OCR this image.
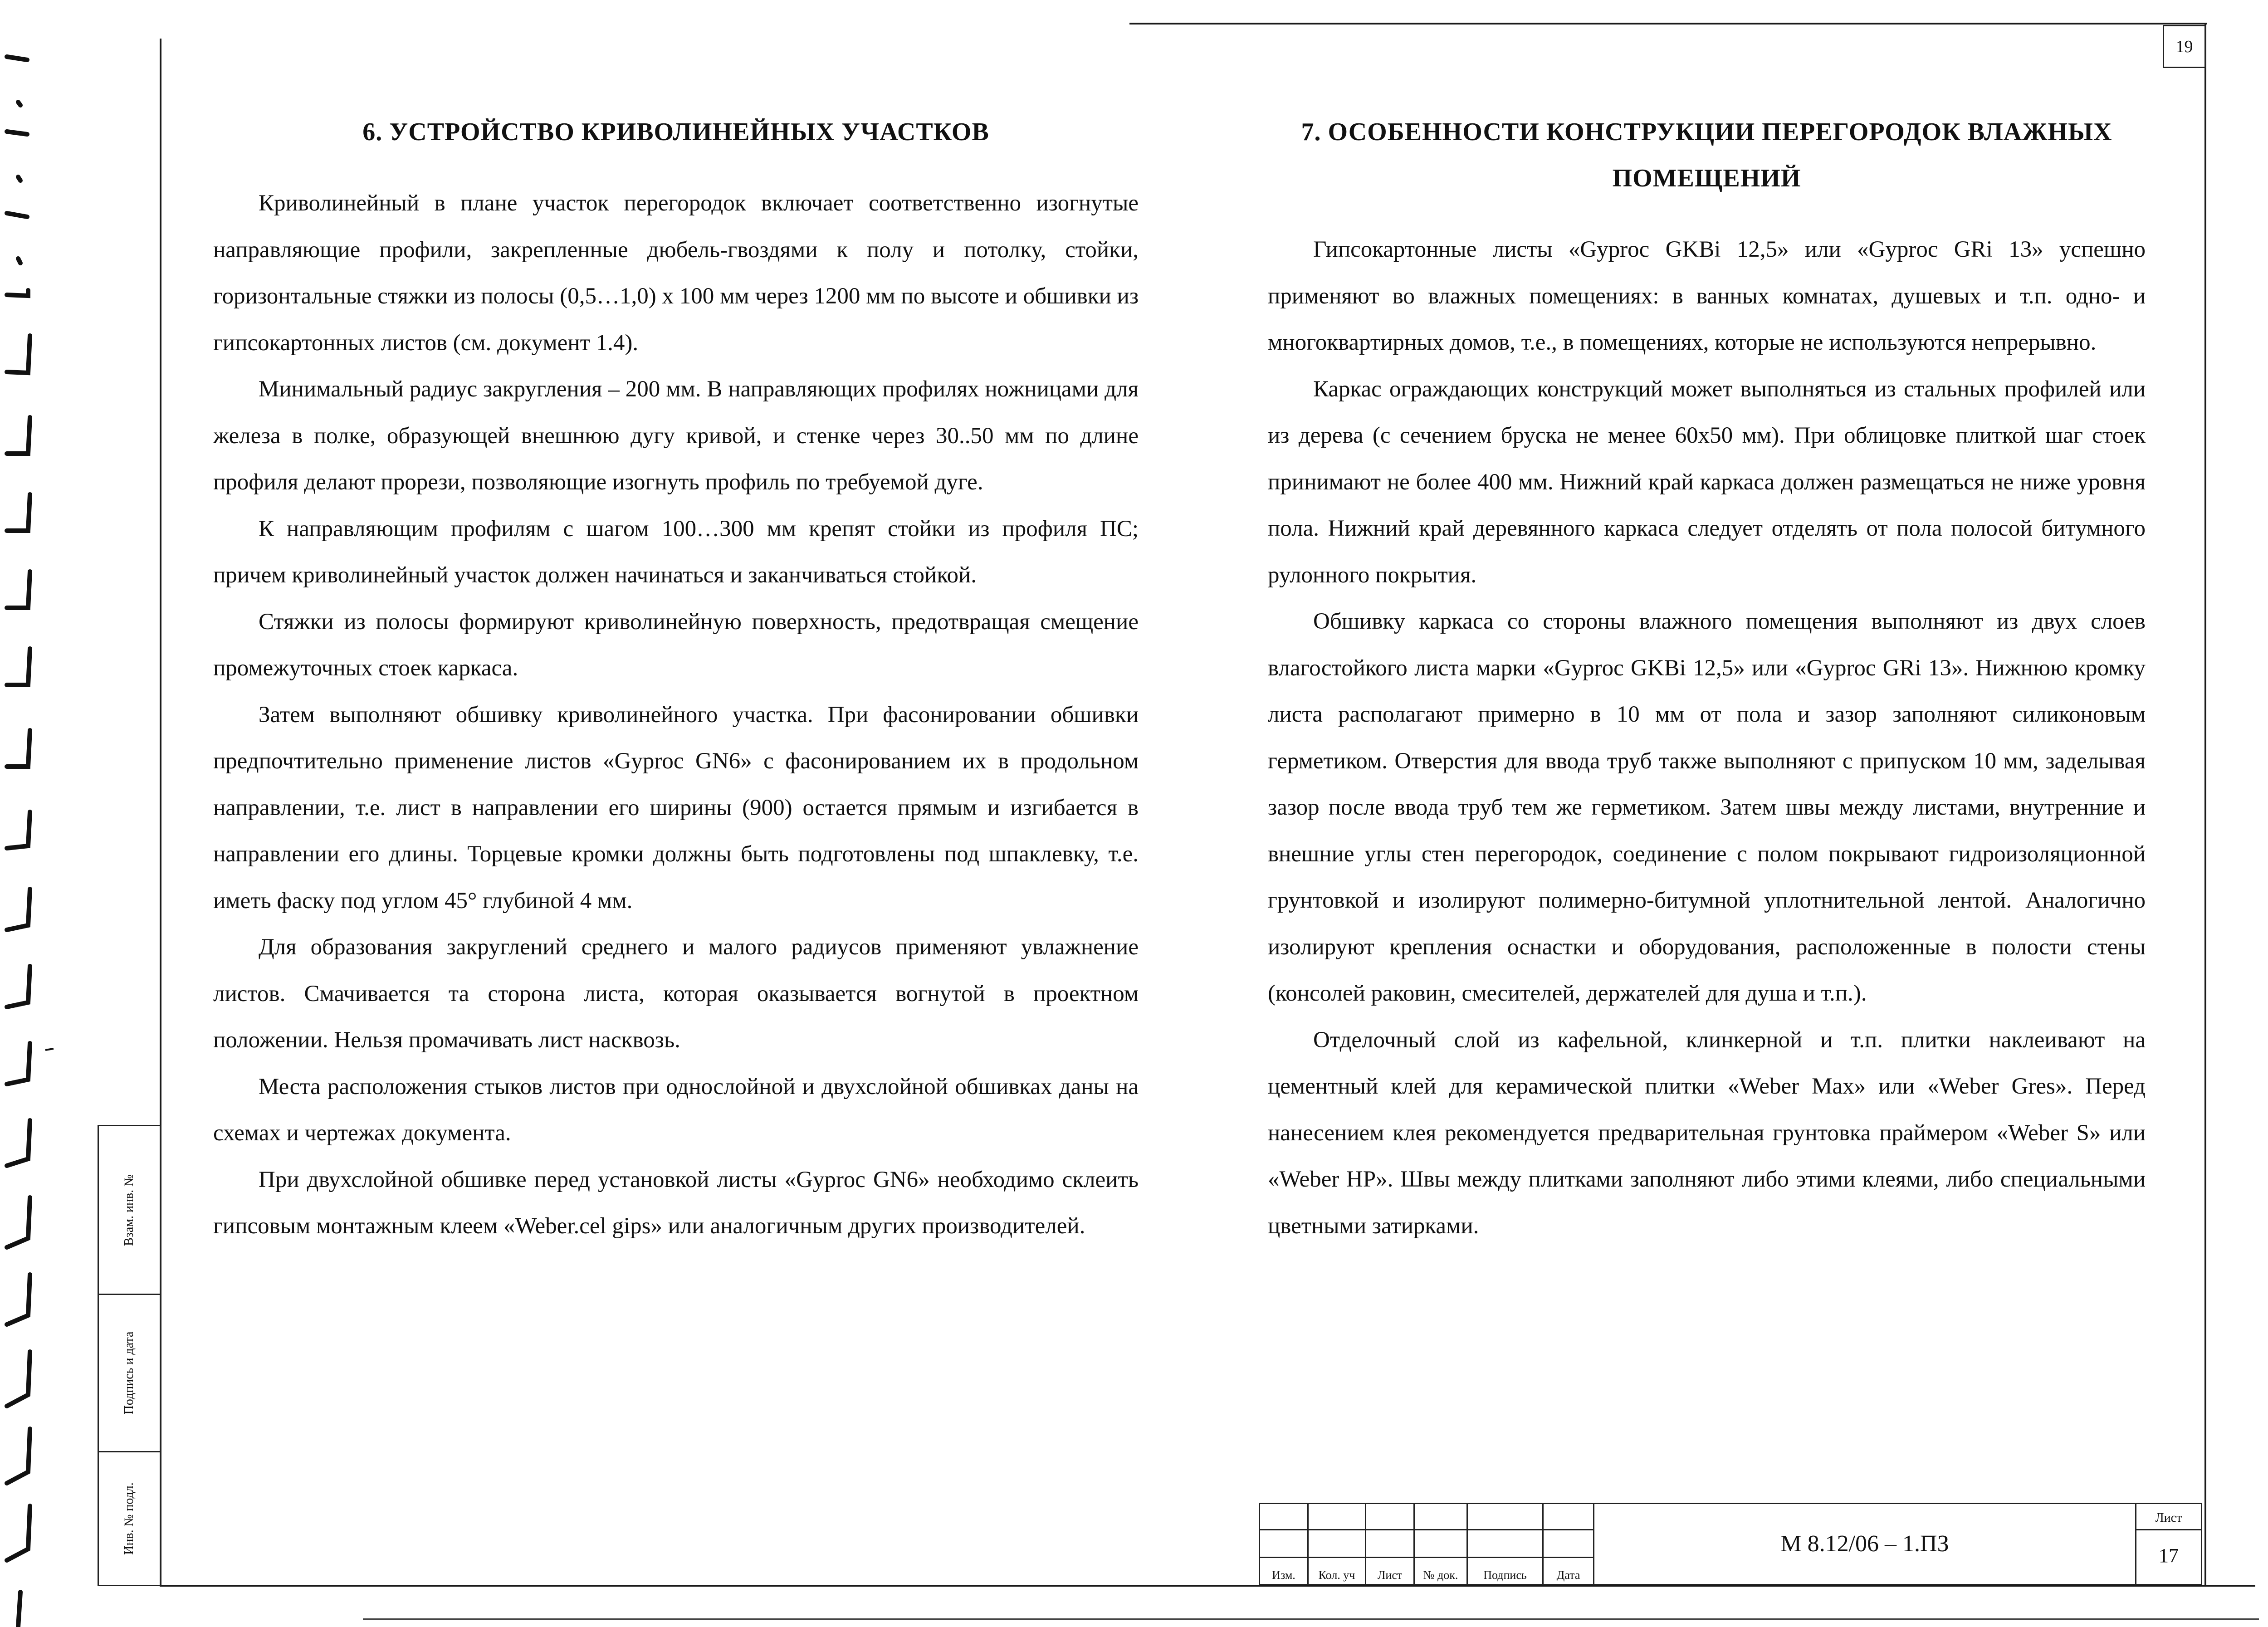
19
Взам. инв. №
Подпись и дата
Инв. № подл.
6. УСТРОЙСТВО КРИВОЛИНЕЙНЫХ УЧАСТКОВ

Криволинейный в плане участок перегородок включает соответственно изогнутые направляющие профили, закрепленные дюбель-гвоздями к полу и потолку, стойки, горизонтальные стяжки из полосы (0,5…1,0) x 100 мм через 1200 мм по высоте и обшивки из гипсокартонных листов (см. документ 1.4).

Минимальный радиус закругления – 200 мм. В направляющих профилях ножницами для железа в полке, образующей внешнюю дугу кривой, и стенке через 30..50 мм по длине профиля делают прорези, позволяющие изогнуть профиль по требуемой дуге.

К направляющим профилям с шагом 100…300 мм крепят стойки из профиля ПС; причем криволинейный участок должен начинаться и заканчиваться стойкой.

Стяжки из полосы формируют криволинейную поверхность, предотвращая смещение промежуточных стоек каркаса.

Затем выполняют обшивку криволинейного участка. При фасонировании обшивки предпочтительно применение листов «Gyproc GN6» с фасонированием их в продольном направлении, т.е. лист в направлении его ширины (900) остается прямым и изгибается в направлении его длины. Торцевые кромки должны быть подготовлены под шпаклевку, т.е. иметь фаску под углом 45° глубиной 4 мм.

Для образования закруглений среднего и малого радиусов применяют увлажнение листов. Смачивается та сторона листа, которая оказывается вогнутой в проектном положении. Нельзя промачивать лист насквозь.

Места расположения стыков листов при однослойной и двухслойной обшивках даны на схемах и чертежах документа.

При двухслойной обшивке перед установкой листы «Gyproc GN6» необходимо склеить гипсовым монтажным клеем «Weber.cel gips» или аналогичным других производителей.

7. ОСОБЕННОСТИ КОНСТРУКЦИИ ПЕРЕГОРОДОК ВЛАЖНЫХ
ПОМЕЩЕНИЙ

Гипсокартонные листы «Gyproc GKBi 12,5» или «Gyproc GRi 13» успешно применяют во влажных помещениях: в ванных комнатах, душевых и т.п. одно- и многоквартирных домов, т.е., в помещениях, которые не используются непрерывно.

Каркас ограждающих конструкций может выполняться из стальных профилей или из дерева (с сечением бруска не менее 60х50 мм). При облицовке плиткой шаг стоек принимают не более 400 мм. Нижний край каркаса должен размещаться не ниже уровня пола. Нижний край деревянного каркаса следует отделять от пола полосой битумного рулонного покрытия.

Обшивку каркаса со стороны влажного помещения выполняют из двух слоев влагостойкого листа марки «Gyproc GKBi 12,5» или «Gyproc GRi 13». Нижнюю кромку листа располагают примерно в 10 мм от пола и зазор заполняют силиконовым герметиком. Отверстия для ввода труб также выполняют с припуском 10 мм, заделывая зазор после ввода труб тем же герметиком. Затем швы между листами, внутренние и внешние углы стен перегородок, соединение с полом покрывают гидроизоляционной грунтовкой и изолируют полимерно-битумной уплотнительной лентой. Аналогично изолируют крепления оснастки и оборудования, расположенные в полости стены (консолей раковин, смесителей, держателей для душа и т.п.).

Отделочный слой из кафельной, клинкерной и т.п. плитки наклеивают на цементный клей для керамической плитки «Weber Max» или «Weber Gres». Перед нанесением клея рекомендуется предварительная грунтовка праймером «Weber S» или «Weber HP». Швы между плитками заполняют либо этими клеями, либо специальными цветными затирками.

Изм.	Кол. уч	Лист	№ док.	Подпись	Дата
М 8.12/06 – 1.ПЗ
Лист
17
